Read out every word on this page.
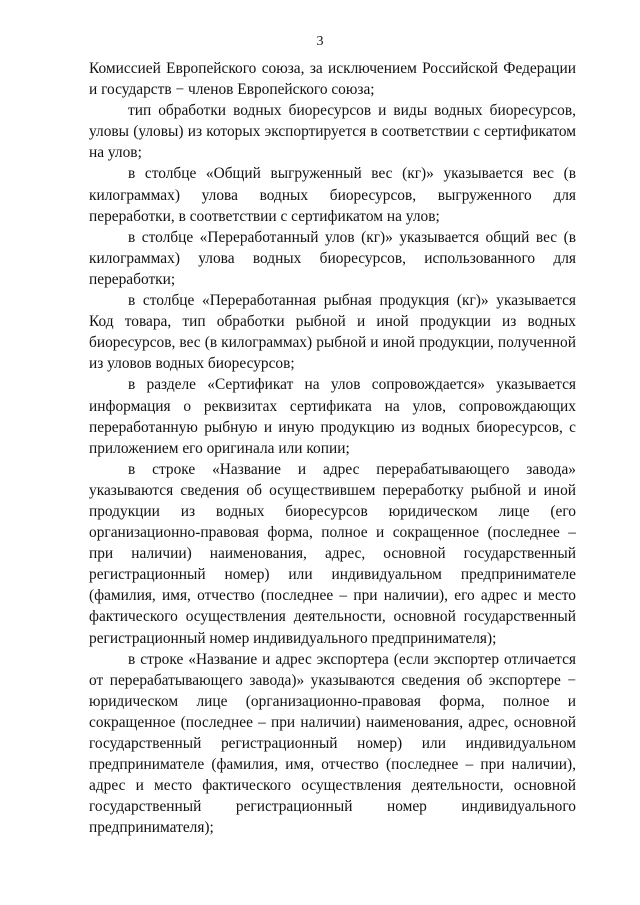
3

Комиссией Европейского союза, за исключением Российской Федерации и государств − членов Европейского союза;

тип обработки водных биоресурсов и виды водных биоресурсов, уловы (уловы) из которых экспортируется в соответствии с сертификатом на улов;

в столбце «Общий выгруженный вес (кг)» указывается вес (в килограммах) улова водных биоресурсов, выгруженного для переработки, в соответствии с сертификатом на улов;

в столбце «Переработанный улов (кг)» указывается общий вес (в килограммах) улова водных биоресурсов, использованного для переработки;

в столбце «Переработанная рыбная продукция (кг)» указывается Код товара, тип обработки рыбной и иной продукции из водных биоресурсов, вес (в килограммах) рыбной и иной продукции, полученной из уловов водных биоресурсов;

в разделе «Сертификат на улов сопровождается» указывается информация о реквизитах сертификата на улов, сопровождающих переработанную рыбную и иную продукцию из водных биоресурсов, с приложением его оригинала или копии;

в строке «Название и адрес перерабатывающего завода» указываются сведения об осуществившем переработку рыбной и иной продукции из водных биоресурсов юридическом лице (его организационно-правовая форма, полное и сокращенное (последнее – при наличии) наименования, адрес, основной государственный регистрационный номер) или индивидуальном предпринимателе (фамилия, имя, отчество (последнее – при наличии), его адрес и место фактического осуществления деятельности, основной государственный регистрационный номер индивидуального предпринимателя);

в строке «Название и адрес экспортера (если экспортер отличается от перерабатывающего завода)» указываются сведения об экспортере − юридическом лице (организационно-правовая форма, полное и сокращенное (последнее – при наличии) наименования, адрес, основной государственный регистрационный номер) или индивидуальном предпринимателе (фамилия, имя, отчество (последнее – при наличии), адрес и место фактического осуществления деятельности, основной государственный регистрационный номер индивидуального предпринимателя);
